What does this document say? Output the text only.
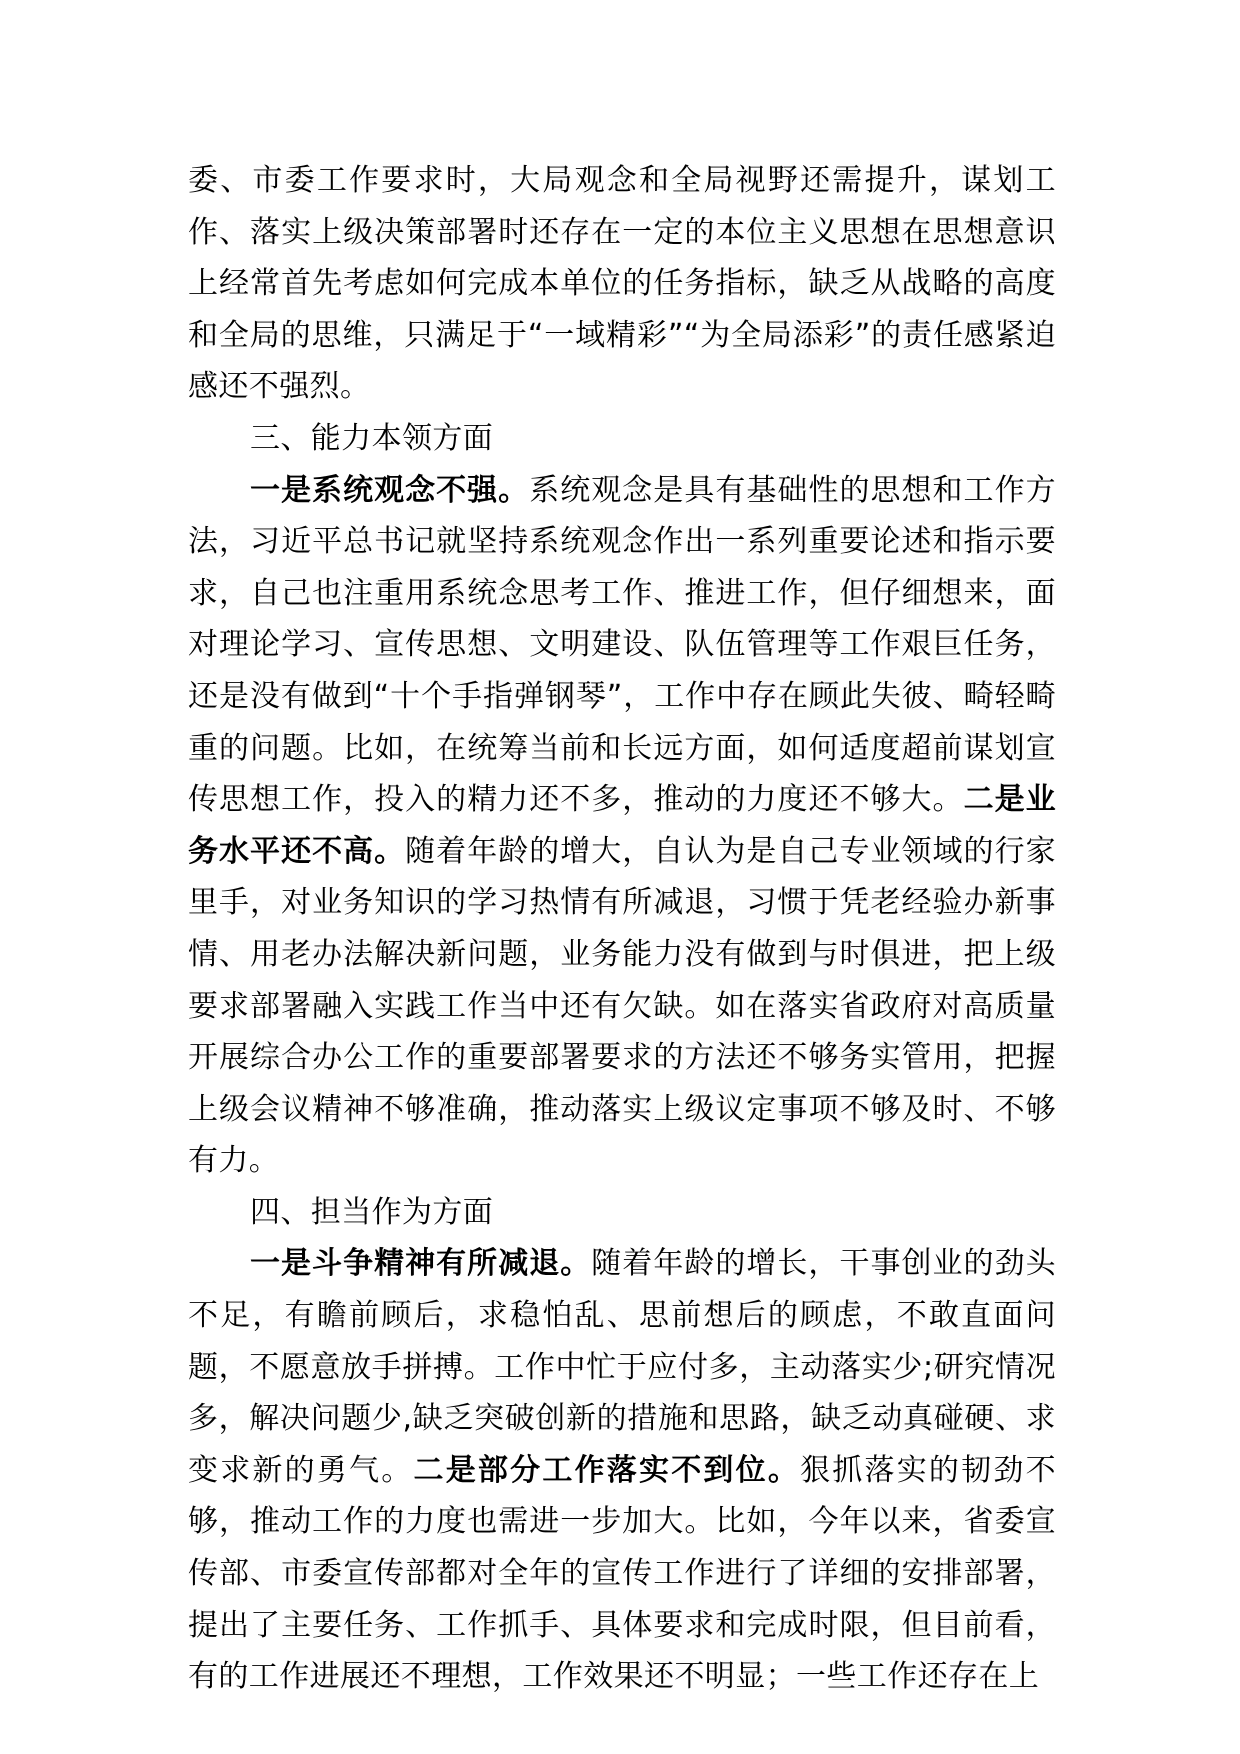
委、市委工作要求时，大局观念和全局视野还需提升，谋划工作、落实上级决策部署时还存在一定的本位主义思想在思想意识上经常首先考虑如何完成本单位的任务指标，缺乏从战略的高度和全局的思维，只满足于“一域精彩”“为全局添彩”的责任感紧迫感还不强烈。

三、能力本领方面

一是系统观念不强。系统观念是具有基础性的思想和工作方法，习近平总书记就坚持系统观念作出一系列重要论述和指示要求，自己也注重用系统念思考工作、推进工作，但仔细想来，面对理论学习、宣传思想、文明建设、队伍管理等工作艰巨任务，还是没有做到“十个手指弹钢琴”，工作中存在顾此失彼、畸轻畸重的问题。比如，在统筹当前和长远方面，如何适度超前谋划宣传思想工作，投入的精力还不多，推动的力度还不够大。二是业务水平还不高。随着年龄的增大，自认为是自己专业领域的行家里手，对业务知识的学习热情有所减退，习惯于凭老经验办新事情、用老办法解决新问题，业务能力没有做到与时俱进，把上级要求部署融入实践工作当中还有欠缺。如在落实省政府对高质量开展综合办公工作的重要部署要求的方法还不够务实管用，把握上级会议精神不够准确，推动落实上级议定事项不够及时、不够有力。

四、担当作为方面

一是斗争精神有所减退。随着年龄的增长，干事创业的劲头不足，有瞻前顾后，求稳怕乱、思前想后的顾虑，不敢直面问题，不愿意放手拼搏。工作中忙于应付多，主动落实少;研究情况多，解决问题少,缺乏突破创新的措施和思路，缺乏动真碰硬、求变求新的勇气。二是部分工作落实不到位。狠抓落实的韧劲不够，推动工作的力度也需进一步加大。比如，今年以来，省委宣传部、市委宣传部都对全年的宣传工作进行了详细的安排部署，提出了主要任务、工作抓手、具体要求和完成时限，但目前看，有的工作进展还不理想，工作效果还不明显；一些工作还存在上
